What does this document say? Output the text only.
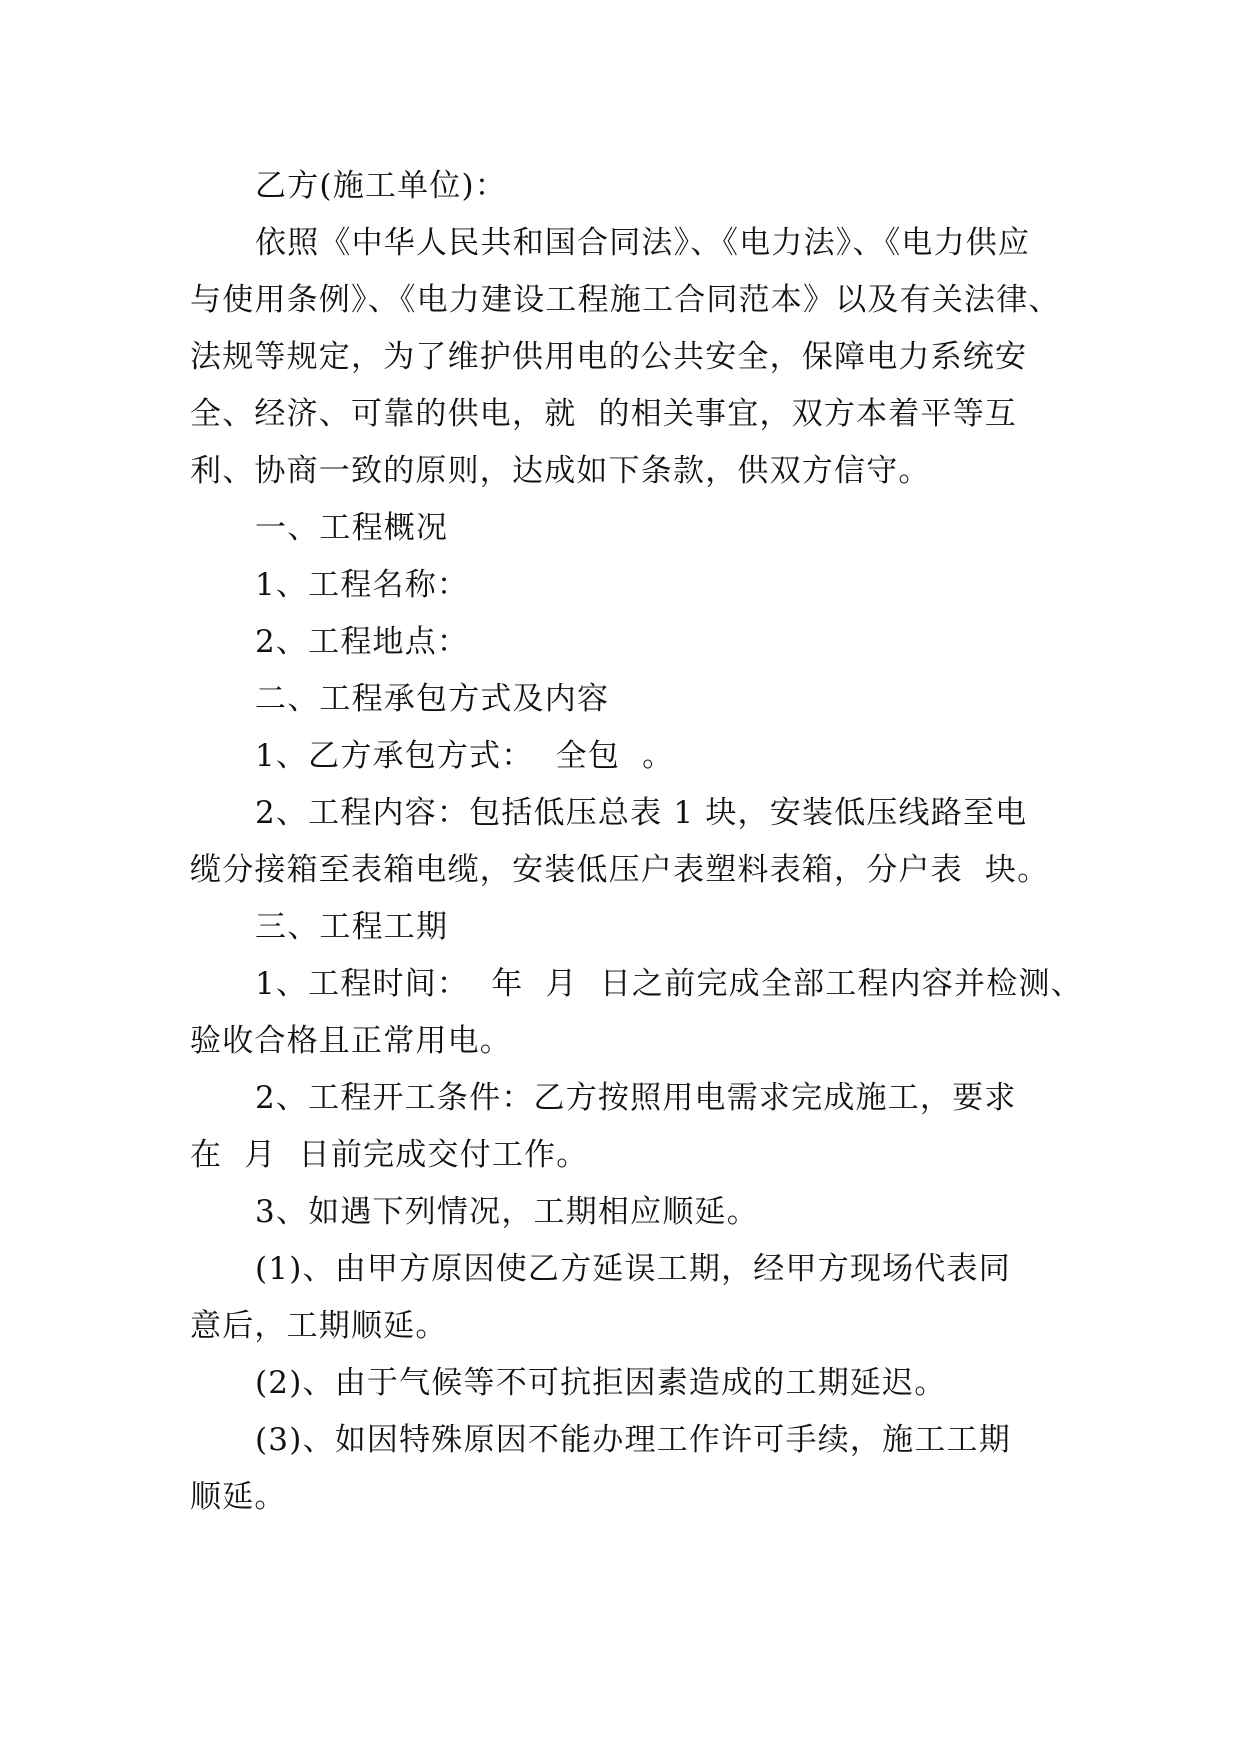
乙方(施工单位)：
依照《中华人民共和国合同法》、《电力法》、《电力供应
与使用条例》、《电力建设工程施工合同范本》以及有关法律、
法规等规定，为了维护供用电的公共安全，保障电力系统安
全、经济、可靠的供电，就  的相关事宜，双方本着平等互
利、协商一致的原则，达成如下条款，供双方信守。
一、工程概况
1、工程名称：
2、工程地点：
二、工程承包方式及内容
1、乙方承包方式：  全包  。
2、工程内容：包括低压总表 1 块，安装低压线路至电
缆分接箱至表箱电缆，安装低压户表塑料表箱，分户表  块。
三、工程工期
1、工程时间：  年  月  日之前完成全部工程内容并检测、
验收合格且正常用电。
2、工程开工条件：乙方按照用电需求完成施工，要求
在  月  日前完成交付工作。
3、如遇下列情况，工期相应顺延。
(1)、由甲方原因使乙方延误工期，经甲方现场代表同
意后，工期顺延。
(2)、由于气候等不可抗拒因素造成的工期延迟。
(3)、如因特殊原因不能办理工作许可手续，施工工期
顺延。
